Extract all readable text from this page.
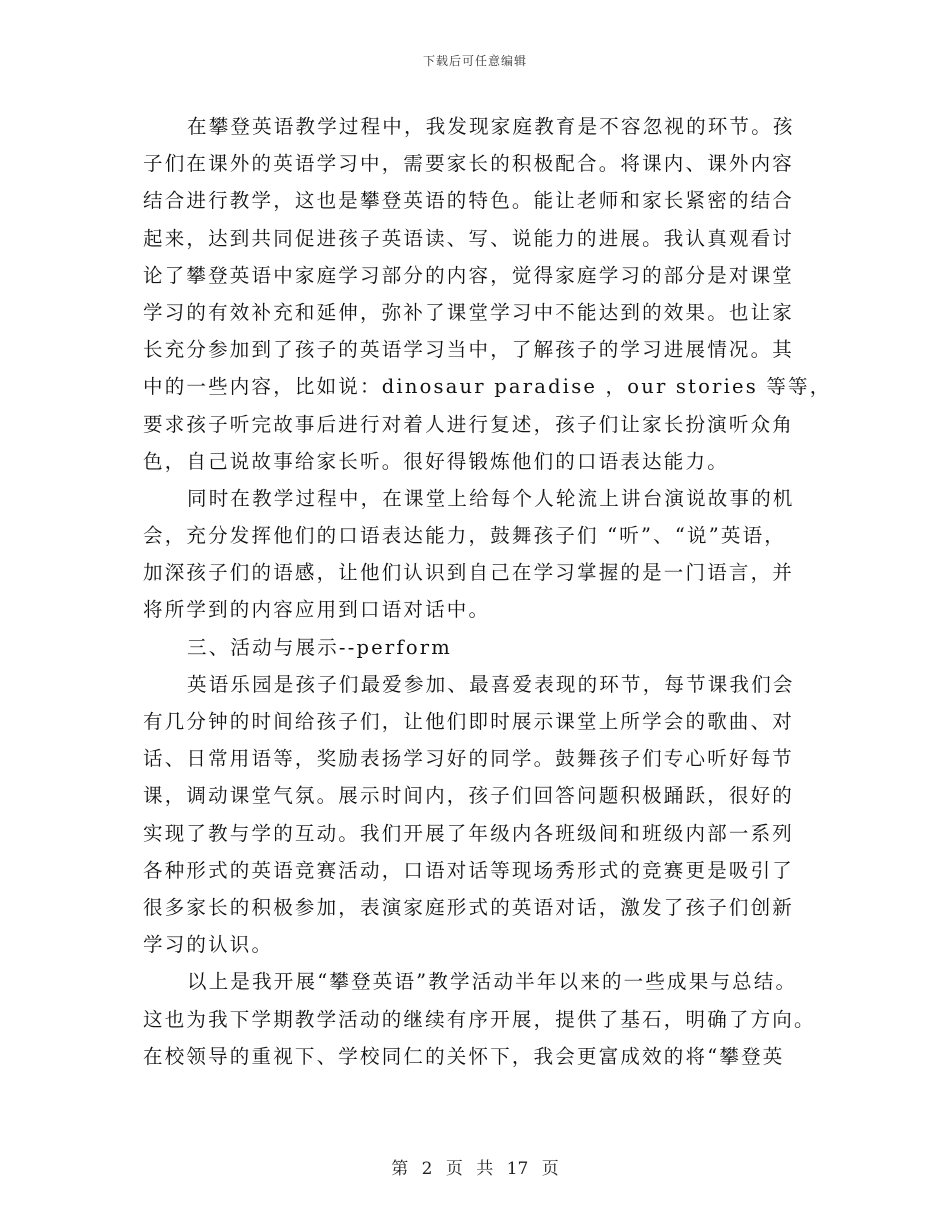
下载后可任意编辑
在攀登英语教学过程中，我发现家庭教育是不容忽视的环节。孩
子们在课外的英语学习中，需要家长的积极配合。将课内、课外内容
结合进行教学，这也是攀登英语的特色。能让老师和家长紧密的结合
起来，达到共同促进孩子英语读、写、说能力的进展。我认真观看讨
论了攀登英语中家庭学习部分的内容，觉得家庭学习的部分是对课堂
学习的有效补充和延伸，弥补了课堂学习中不能达到的效果。也让家
长充分参加到了孩子的英语学习当中，了解孩子的学习进展情况。其
中的一些内容，比如说：dinosaur paradise ，our stories 等等，
要求孩子听完故事后进行对着人进行复述，孩子们让家长扮演听众角
色，自己说故事给家长听。很好得锻炼他们的口语表达能力。
同时在教学过程中，在课堂上给每个人轮流上讲台演说故事的机
会，充分发挥他们的口语表达能力，鼓舞孩子们 “听”、“说”英语，
加深孩子们的语感，让他们认识到自己在学习掌握的是一门语言，并
将所学到的内容应用到口语对话中。
三、活动与展示--perform
英语乐园是孩子们最爱参加、最喜爱表现的环节，每节课我们会
有几分钟的时间给孩子们，让他们即时展示课堂上所学会的歌曲、对
话、日常用语等，奖励表扬学习好的同学。鼓舞孩子们专心听好每节
课，调动课堂气氛。展示时间内，孩子们回答问题积极踊跃，很好的
实现了教与学的互动。我们开展了年级内各班级间和班级内部一系列
各种形式的英语竞赛活动，口语对话等现场秀形式的竞赛更是吸引了
很多家长的积极参加，表演家庭形式的英语对话，激发了孩子们创新
学习的认识。
以上是我开展“攀登英语”教学活动半年以来的一些成果与总结。
这也为我下学期教学活动的继续有序开展，提供了基石，明确了方向。
在校领导的重视下、学校同仁的关怀下，我会更富成效的将“攀登英
第 2 页 共 17 页
